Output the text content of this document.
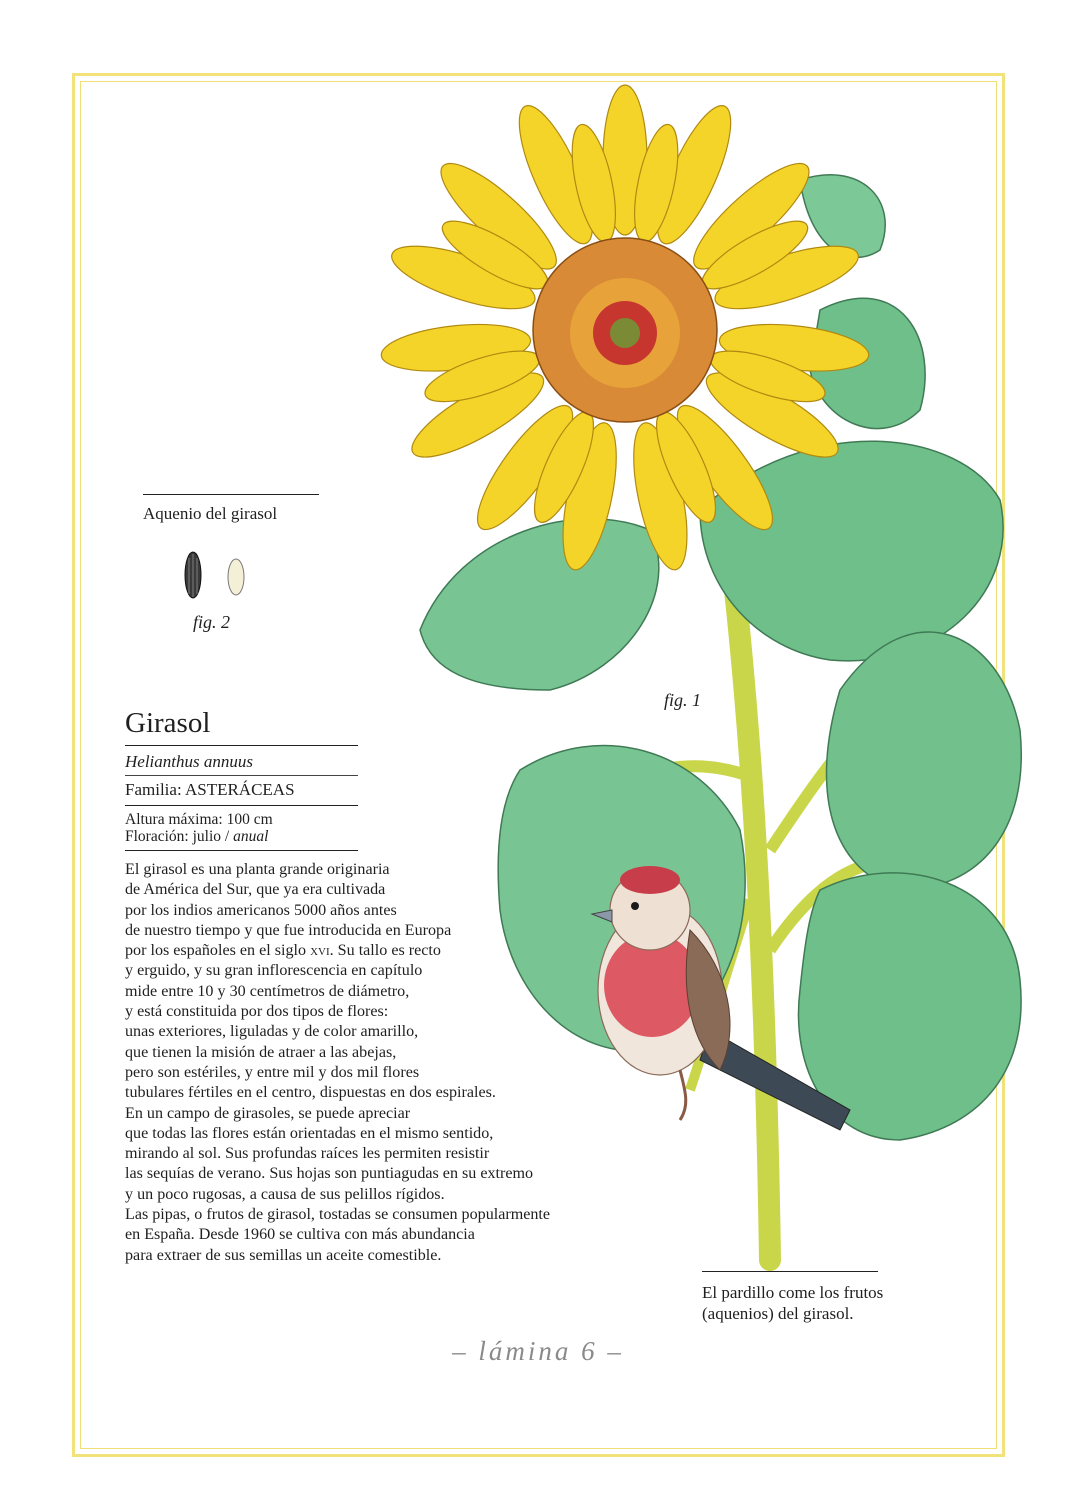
Aquenio del girasol
fig. 2
fig. 1
Girasol
Helianthus annuus
Familia: ASTERÁCEAS
Altura máxima: 100 cm
Floración: julio / anual
El girasol es una planta grande originaria
de América del Sur, que ya era cultivada
por los indios americanos 5000 años antes
de nuestro tiempo y que fue introducida en Europa
por los españoles en el siglo xvi. Su tallo es recto
y erguido, y su gran inflorescencia en capítulo
mide entre 10 y 30 centímetros de diámetro,
y está constituida por dos tipos de flores:
unas exteriores, liguladas y de color amarillo,
que tienen la misión de atraer a las abejas,
pero son estériles, y entre mil y dos mil flores
tubulares fértiles en el centro, dispuestas en dos espirales.
En un campo de girasoles, se puede apreciar
que todas las flores están orientadas en el mismo sentido,
mirando al sol. Sus profundas raíces les permiten resistir
las sequías de verano. Sus hojas son puntiagudas en su extremo
y un poco rugosas, a causa de sus pelillos rígidos.
Las pipas, o frutos de girasol, tostadas se consumen popularmente
en España. Desde 1960 se cultiva con más abundancia
para extraer de sus semillas un aceite comestible.
El pardillo come los frutos
(aquenios) del girasol.
– lámina 6 –
